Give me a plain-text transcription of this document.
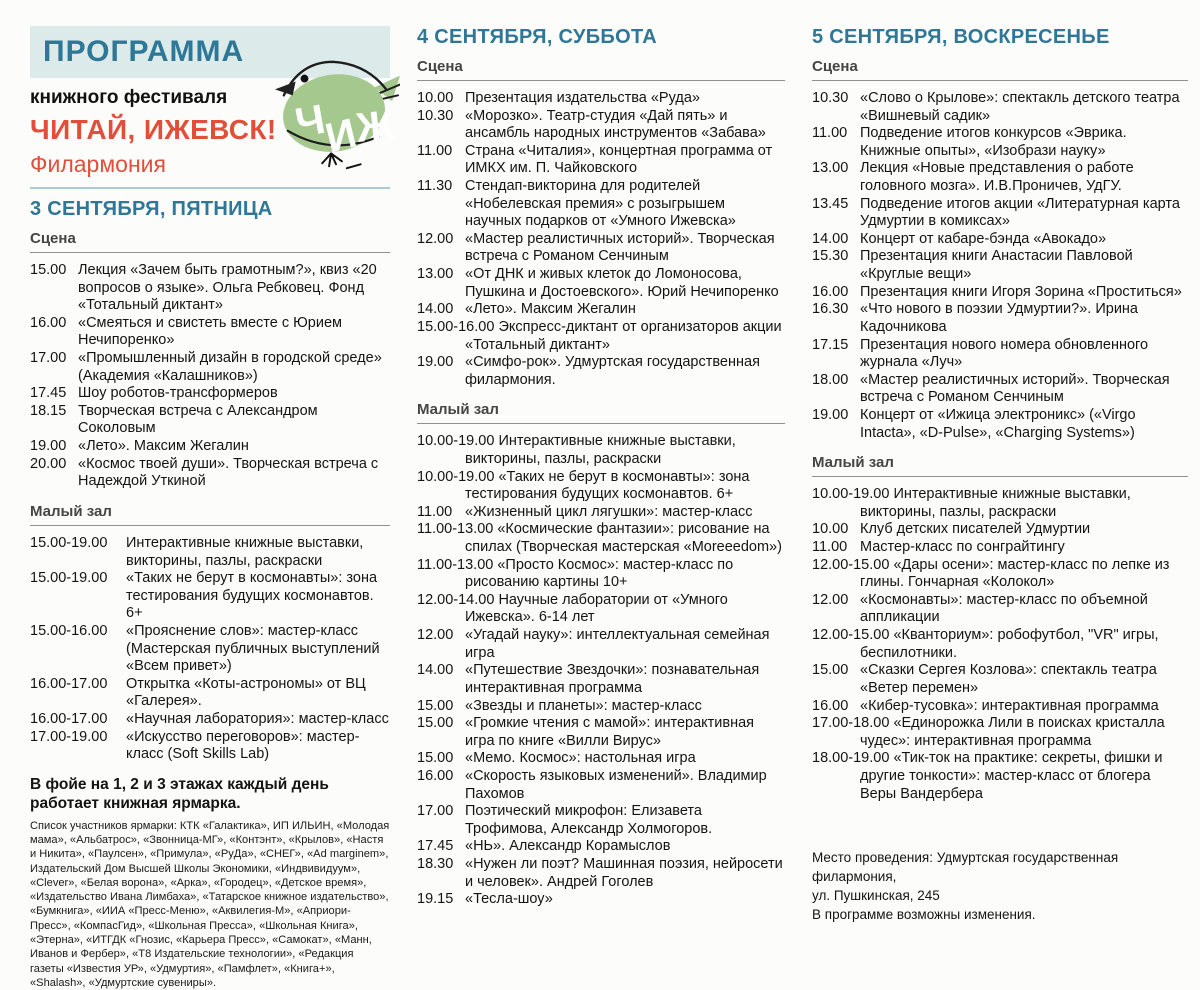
ПРОГРАММА
Ч
И
Ж
книжного фестиваля
ЧИТАЙ, ИЖЕВСК!
Филармония
3 СЕНТЯБРЯ, ПЯТНИЦА
Сцена
15.00 Лекция «Зачем быть грамотным?», квиз «20 вопросов о языке». Ольга Ребковец. Фонд «Тотальный диктант»
16.00 «Смеяться и свистеть вместе с Юрием Нечипоренко»
17.00 «Промышленный дизайн в городской среде» (Академия «Калашников»)
17.45 Шоу роботов-трансформеров
18.15 Творческая встреча с Александром Соколовым
19.00 «Лето». Максим Жегалин
20.00 «Космос твоей души». Творческая встреча с Надеждой Уткиной
Малый зал
15.00-19.00	Интерактивные книжные выставки, викторины, пазлы, раскраски
15.00-19.00	«Таких не берут в космонавты»: зона тестирования будущих космонавтов. 6+
15.00-16.00	«Прояснение слов»: мастер-класс (Мастерская публичных выступлений «Всем привет»)
16.00-17.00	Открытка «Коты-астрономы» от ВЦ «Галерея».
16.00-17.00	«Научная лаборатория»: мастер-класс
17.00-19.00	«Искусство переговоров»: мастер-класс (Soft Skills Lab)
В фойе на 1, 2 и 3 этажах каждый день работает книжная ярмарка.
Список участников ярмарки: КТК «Галактика», ИП ИЛЬИН, «Молодая мама», «Альбатрос», «Звонница-МГ», «Контэнт», «Крылов», «Настя и Никита», «Паулсен», «Примула», «РуДа», «СНЕГ», «Ad marginem», Издательский Дом Высшей Школы Экономики, «Индвивидуум», «Clever», «Белая ворона», «Арка», «Городец», «Детское время», «Издательство Ивана Лимбаха», «Татарское книжное издательство», «Бумкнига», «ИИА «Пресс-Меню», «Аквилегия-М», «Априори-Пресс», «КомпасГид», «Школьная Пресса», «Школьная Книга», «Этерна», «ИТГДК «Гнозис, «Карьера Пресс», «Самокат», «Манн, Иванов и Фербер», «Т8 Издательские технологии», «Редакция газеты «Известия УР», «Удмуртия», «Памфлет», «Книга+», «Shalash», «Удмуртские сувениры».
4 СЕНТЯБРЯ, СУББОТА
Сцена
10.00 Презентация издательства «Руда»
10.30 «Морозко». Театр-студия «Дай пять» и ансамбль народных инструментов «Забава»
11.00 Страна «Читалия», концертная программа от ИМКХ им. П. Чайковского
11.30 Стендап-викторина для родителей «Нобелевская премия» с розыгрышем научных подарков от «Умного Ижевска»
12.00 «Мастер реалистичных историй». Творческая встреча с Романом Сенчиным
13.00 «От ДНК и живых клеток до Ломоносова, Пушкина и Достоевского». Юрий Нечипоренко
14.00 «Лето». Максим Жегалин
15.00-16.00 Экспресс-диктант от организаторов акции «Тотальный диктант»
19.00 «Симфо-рок». Удмуртская государственная филармония.
Малый зал
10.00-19.00 Интерактивные книжные выставки, викторины, пазлы, раскраски
10.00-19.00 «Таких не берут в космонавты»: зона тестирования будущих космонавтов. 6+
11.00 «Жизненный цикл лягушки»: мастер-класс
11.00-13.00 «Космические фантазии»: рисование на спилах (Творческая мастерская «Moreeedom»)
11.00-13.00 «Просто Космос»: мастер-класс по рисованию картины 10+
12.00-14.00 Научные лаборатории от «Умного Ижевска». 6-14 лет
12.00 «Угадай науку»: интеллектуальная семейная игра
14.00 «Путешествие Звездочки»: познавательная интерактивная программа
15.00 «Звезды и планеты»: мастер-класс
15.00 «Громкие чтения с мамой»: интерактивная игра по книге «Вилли Вирус»
15.00 «Мемо. Космос»: настольная игра
16.00 «Скорость языковых изменений». Владимир Пахомов
17.00 Поэтический микрофон: Елизавета Трофимова, Александр Холмогоров.
17.45 «НЬ». Александр Корамыслов
18.30 «Нужен ли поэт? Машинная поэзия, нейросети и человек». Андрей Гоголев
19.15 «Тесла-шоу»
5 СЕНТЯБРЯ, ВОСКРЕСЕНЬЕ
Сцена
10.30 «Слово о Крылове»: спектакль детского театра «Вишневый садик»
11.00 Подведение итогов конкурсов «Эврика. Книжные опыты», «Изобрази науку»
13.00 Лекция «Новые представления о работе головного мозга». И.В.Проничев, УдГУ.
13.45 Подведение итогов акции «Литературная карта Удмуртии в комиксах»
14.00 Концерт от кабаре-бэнда «Авокадо»
15.30 Презентация книги Анастасии Павловой «Круглые вещи»
16.00 Презентация книги Игоря Зорина «Проститься»
16.30 «Что нового в поэзии Удмуртии?». Ирина Кадочникова
17.15 Презентация нового номера обновленного журнала «Луч»
18.00 «Мастер реалистичных историй». Творческая встреча с Романом Сенчиным
19.00 Концерт от «Ижица электроникс» («Virgo Intacta», «D-Pulse», «Charging Systems»)
Малый зал
10.00-19.00 Интерактивные книжные выставки, викторины, пазлы, раскраски
10.00 Клуб детских писателей Удмуртии
11.00 Мастер-класс по сонграйтингу
12.00-15.00 «Дары осени»: мастер-класс по лепке из глины. Гончарная «Колокол»
12.00 «Космонавты»: мастер-класс по объемной аппликации
12.00-15.00 «Кванториум»: робофутбол, "VR" игры, беспилотники.
15.00 «Сказки Сергея Козлова»: спектакль театра «Ветер перемен»
16.00 «Кибер-тусовка»: интерактивная программа
17.00-18.00 «Единорожка Лили в поисках кристалла чудес»: интерактивная программа
18.00-19.00 «Тик-ток на практике: секреты, фишки и другие тонкости»: мастер-класс от блогера Веры Вандербера
Место проведения: Удмуртская государственная филармония,
ул. Пушкинская, 245
В программе возможны изменения.
